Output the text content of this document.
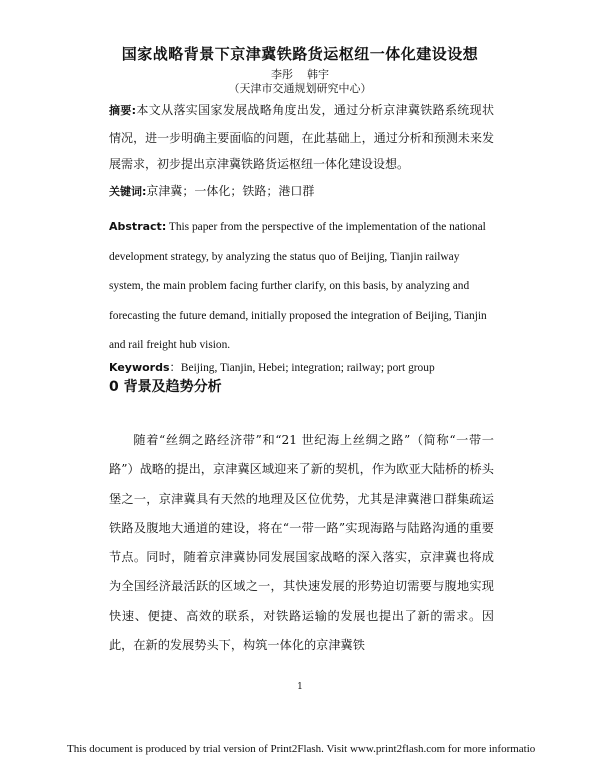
国家战略背景下京津冀铁路货运枢纽一体化建设设想
李彤 韩宇
（天津市交通规划研究中心）
摘要:本文从落实国家发展战略角度出发，通过分析京津冀铁路系统现状情况，进一步明确主要面临的问题，在此基础上，通过分析和预测未来发展需求，初步提出京津冀铁路货运枢纽一体化建设设想。
关键词:京津冀；一体化；铁路；港口群
Abstract: This paper from the perspective of the implementation of the national development strategy, by analyzing the status quo of Beijing, Tianjin railway system, the main problem facing further clarify, on this basis, by analyzing and forecasting the future demand, initially proposed the integration of Beijing, Tianjin and rail freight hub vision.
Keywords：Beijing, Tianjin, Hebei; integration; railway; port group
0 背景及趋势分析
随着“丝绸之路经济带”和“21 世纪海上丝绸之路”（简称“一带一路”）战略的提出，京津冀区域迎来了新的契机，作为欧亚大陆桥的桥头堡之一，京津冀具有天然的地理及区位优势，尤其是津冀港口群集疏运铁路及腹地大通道的建设，将在“一带一路”实现海路与陆路沟通的重要节点。同时，随着京津冀协同发展国家战略的深入落实，京津冀也将成为全国经济最活跃的区域之一，其快速发展的形势迫切需要与腹地实现快速、便捷、高效的联系，对铁路运输的发展也提出了新的需求。因此，在新的发展势头下，构筑一体化的京津冀铁
1
This document is produced by trial version of Print2Flash. Visit www.print2flash.com for more informatio
